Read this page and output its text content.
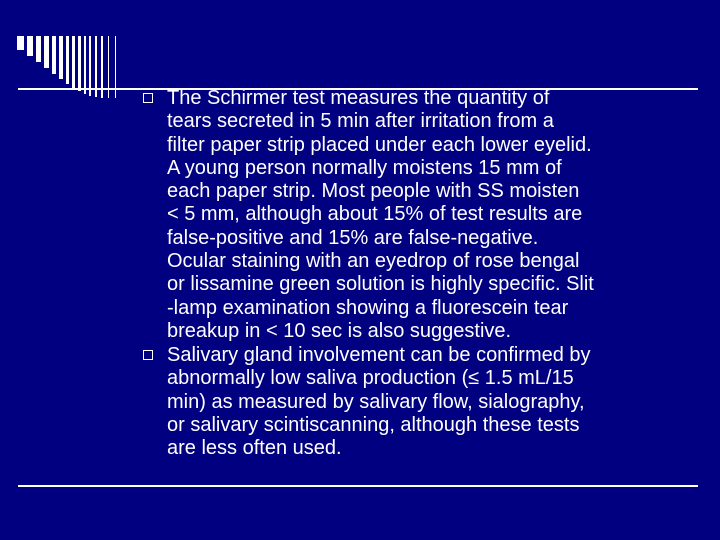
The Schirmer test measures the quantity of
tears secreted in 5 min after irritation from a
filter paper strip placed under each lower eyelid.
A young person normally moistens 15 mm of
each paper strip. Most people with SS moisten
< 5 mm, although about 15% of test results are
false-positive and 15% are false-negative.
Ocular staining with an eyedrop of rose bengal
or lissamine green solution is highly specific. Slit
-lamp examination showing a fluorescein tear
breakup in < 10 sec is also suggestive.
Salivary gland involvement can be confirmed by
abnormally low saliva production (≤ 1.5 mL/15
min) as measured by salivary flow, sialography,
or salivary scintiscanning, although these tests
are less often used.
